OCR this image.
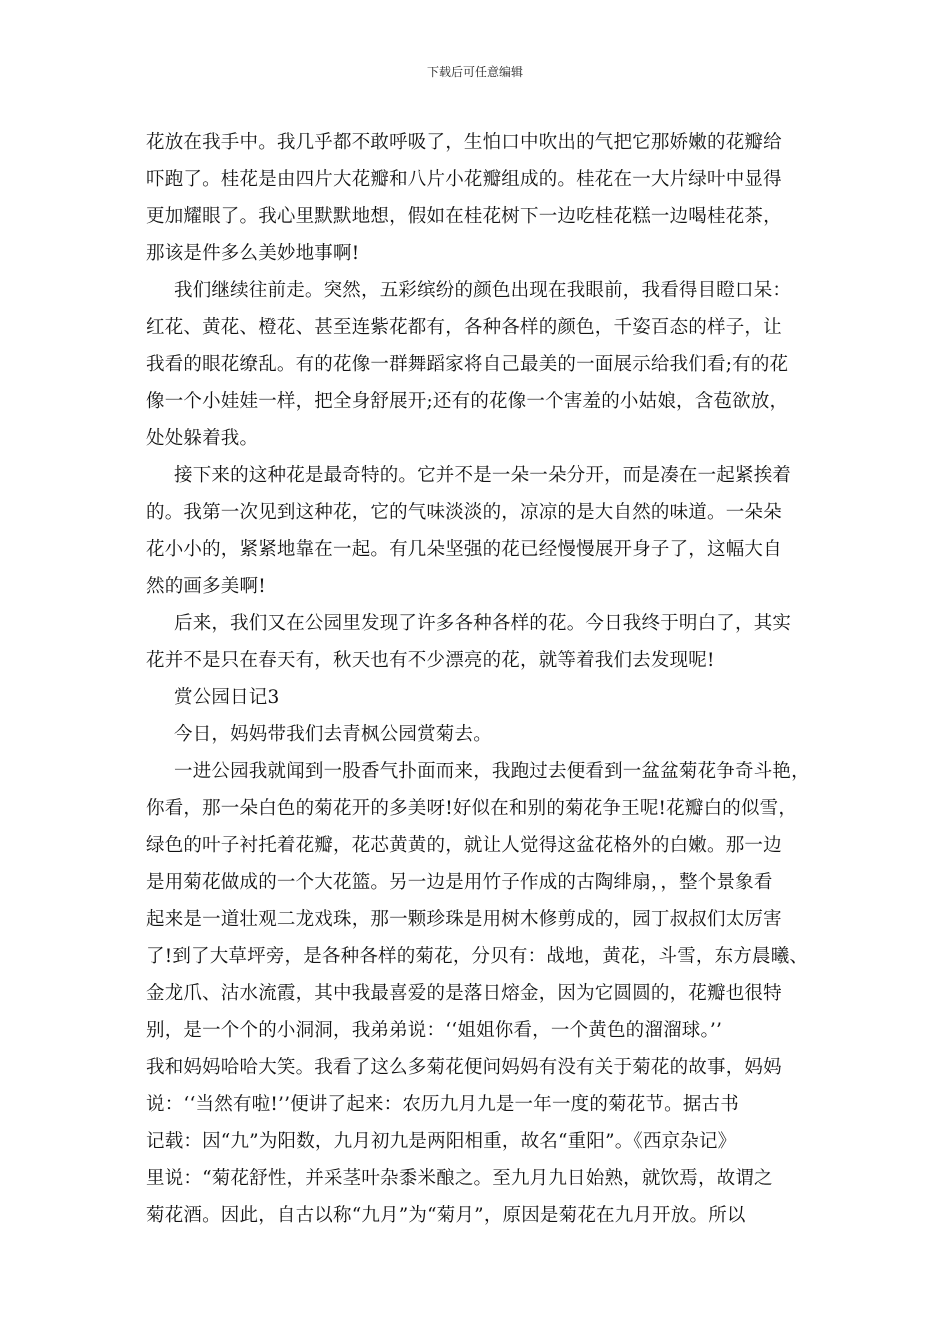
下载后可任意编辑
花放在我手中。我几乎都不敢呼吸了，生怕口中吹出的气把它那娇嫩的花瓣给
吓跑了。桂花是由四片大花瓣和八片小花瓣组成的。桂花在一大片绿叶中显得
更加耀眼了。我心里默默地想，假如在桂花树下一边吃桂花糕一边喝桂花茶，
那该是件多么美妙地事啊!
我们继续往前走。突然，五彩缤纷的颜色出现在我眼前，我看得目瞪口呆：
红花、黄花、橙花、甚至连紫花都有，各种各样的颜色，千姿百态的样子，让
我看的眼花缭乱。有的花像一群舞蹈家将自己最美的一面展示给我们看;有的花
像一个小娃娃一样，把全身舒展开;还有的花像一个害羞的小姑娘，含苞欲放，
处处躲着我。
接下来的这种花是最奇特的。它并不是一朵一朵分开，而是凑在一起紧挨着
的。我第一次见到这种花，它的气味淡淡的，凉凉的是大自然的味道。一朵朵
花小小的，紧紧地靠在一起。有几朵坚强的花已经慢慢展开身子了，这幅大自
然的画多美啊!
后来，我们又在公园里发现了许多各种各样的花。今日我终于明白了，其实
花并不是只在春天有，秋天也有不少漂亮的花，就等着我们去发现呢!
赏公园日记3
今日，妈妈带我们去青枫公园赏菊去。
一进公园我就闻到一股香气扑面而来，我跑过去便看到一盆盆菊花争奇斗艳，
你看，那一朵白色的菊花开的多美呀!好似在和别的菊花争王呢!花瓣白的似雪，
绿色的叶子衬托着花瓣，花芯黄黄的，就让人觉得这盆花格外的白嫩。那一边
是用菊花做成的一个大花篮。另一边是用竹子作成的古陶绯扇，，整个景象看
起来是一道壮观二龙戏珠，那一颗珍珠是用树木修剪成的，园丁叔叔们太厉害
了!到了大草坪旁，是各种各样的菊花，分贝有：战地，黄花，斗雪，东方晨曦、
金龙爪、沽水流霞，其中我最喜爱的是落日熔金，因为它圆圆的，花瓣也很特
别，是一个个的小洞洞，我弟弟说：‘‘姐姐你看，一个黄色的溜溜球。’’
我和妈妈哈哈大笑。我看了这么多菊花便问妈妈有没有关于菊花的故事，妈妈
说：‘‘当然有啦!’’便讲了起来：农历九月九是一年一度的菊花节。据古书
记载：因“九”为阳数，九月初九是两阳相重，故名“重阳”。《西京杂记》
里说：“菊花舒性，并采茎叶杂黍米酿之。至九月九日始熟，就饮焉，故谓之
菊花酒。因此，自古以称“九月”为“菊月”，原因是菊花在九月开放。所以
